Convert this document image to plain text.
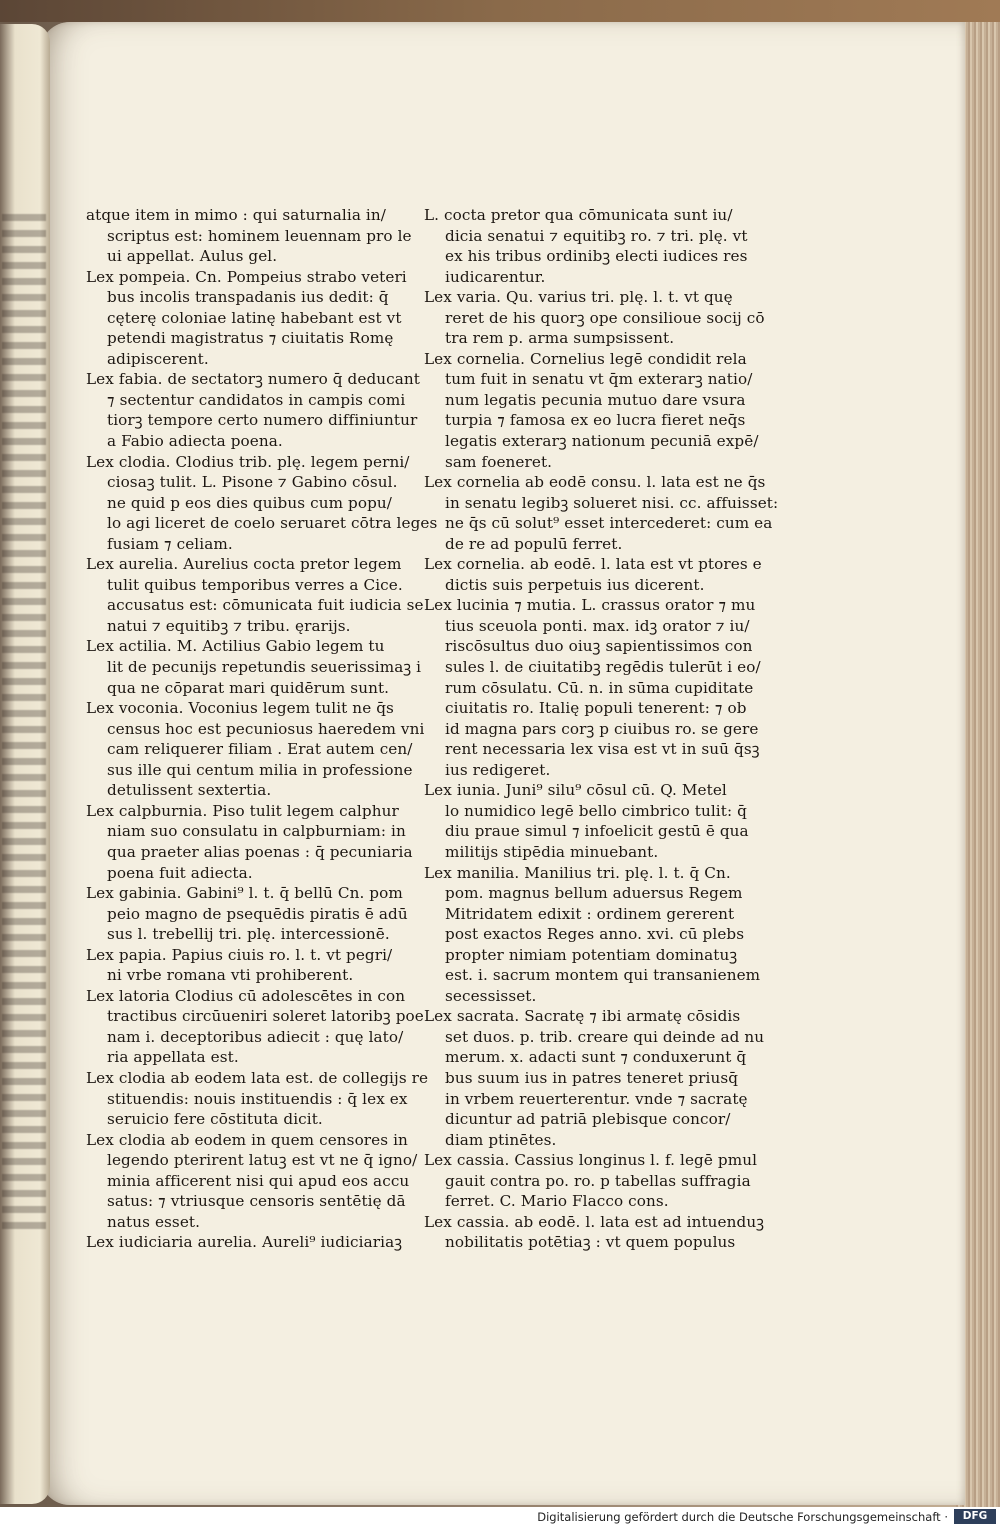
atque item in mimo : qui saturnalia in/
scriptus est: hominem leuennam pro le
ui appellat. Aulus gel.
Lex pompeia. Cn. Pompeius strabo veteri
bus incolis transpadanis ius dedit: q̄
cęterę coloniae latinę habebant est vt
petendi magistratus ⁊ ciuitatis Romę
adipiscerent.
Lex fabia. de sectatorꝫ numero q̄ deducant
⁊ sectentur candidatos in campis comi
tiorꝫ tempore certo numero diffiniuntur
a Fabio adiecta poena.
Lex clodia. Clodius trib. plę. legem perni/
ciosaꝫ tulit. L. Pisone ⁊ Gabino cōsul.
ne quid p eos dies quibus cum popu/
lo agi liceret de coelo seruaret cōtra leges
fusiam ⁊ celiam.
Lex aurelia. Aurelius cocta pretor legem
tulit quibus temporibus verres a Cice.
accusatus est: cōmunicata fuit iudicia se
natui ⁊ equitibꝫ ⁊ tribu. ęrarijs.
Lex actilia. M. Actilius Gabio legem tu
lit de pecunijs repetundis seuerissimaꝫ i
qua ne cōparat mari quidērum sunt.
Lex voconia. Voconius legem tulit ne q̄s
census hoc est pecuniosus haeredem vni
cam reliquerer filiam . Erat autem cen/
sus ille qui centum milia in professione
detulissent sextertia.
Lex calpburnia. Piso tulit legem calphur
niam suo consulatu in calpburniam: in
qua praeter alias poenas : q̄ pecuniaria
poena fuit adiecta.
Lex gabinia. Gabini⁹ l. t. q̄ bellū Cn. pom
peio magno de psequēdis piratis ē adū
sus l. trebellij tri. plę. intercessionē.
Lex papia. Papius ciuis ro. l. t. vt pegri/
ni vrbe romana vti prohiberent.
Lex latoria Clodius cū adolescētes in con
tractibus circūueniri soleret latoribꝫ poe
nam i. deceptoribus adiecit : quę lato/
ria appellata est.
Lex clodia ab eodem lata est. de collegijs re
stituendis: nouis instituendis : q̄ lex ex
seruicio fere cōstituta dicit.
Lex clodia ab eodem in quem censores in
legendo pterirent latuꝫ est vt ne q̄ igno/
minia afficerent nisi qui apud eos accu
satus: ⁊ vtriusque censoris sentētię dā
natus esset.
Lex iudiciaria aurelia. Aureli⁹ iudiciariaꝫ
L. cocta pretor qua cōmunicata sunt iu/
dicia senatui ⁊ equitibꝫ ro. ⁊ tri. plę. vt
ex his tribus ordinibꝫ electi iudices res
iudicarentur.
Lex varia. Qu. varius tri. plę. l. t. vt quę
reret de his quorꝫ ope consilioue socij cō
tra rem p. arma sumpsissent.
Lex cornelia. Cornelius legē condidit rela
tum fuit in senatu vt q̄m exterarꝫ natio/
num legatis pecunia mutuo dare vsura
turpia ⁊ famosa ex eo lucra fieret neq̄s
legatis exterarꝫ nationum pecuniā expē/
sam foeneret.
Lex cornelia ab eodē consu. l. lata est ne q̄s
in senatu legibꝫ solueret nisi. cc. affuisset:
ne q̄s cū solut⁹ esset intercederet: cum ea
de re ad populū ferret.
Lex cornelia. ab eodē. l. lata est vt ptores e
dictis suis perpetuis ius dicerent.
Lex lucinia ⁊ mutia. L. crassus orator ⁊ mu
tius sceuola ponti. max. idꝫ orator ⁊ iu/
riscōsultus duo oiuꝫ sapientissimos con
sules l. de ciuitatibꝫ regēdis tulerūt i eo/
rum cōsulatu. Cū. n. in sūma cupiditate
ciuitatis ro. Italię populi tenerent: ⁊ ob
id magna pars corꝫ p ciuibus ro. se gere
rent necessaria lex visa est vt in suū q̄sꝫ
ius redigeret.
Lex iunia. Juni⁹ silu⁹ cōsul cū. Q. Metel
lo numidico legē bello cimbrico tulit: q̄
diu praue simul ⁊ infoelicit gestū ē qua
militijs stipēdia minuebant.
Lex manilia. Manilius tri. plę. l. t. q̄ Cn.
pom. magnus bellum aduersus Regem
Mitridatem edixit : ordinem gererent
post exactos Reges anno. xvi. cū plebs
propter nimiam potentiam dominatuꝫ
est. i. sacrum montem qui transanienem
secessisset.
Lex sacrata. Sacratę ⁊ ibi armatę cōsidis
set duos. p. trib. creare qui deinde ad nu
merum. x. adacti sunt ⁊ conduxerunt q̄
bus suum ius in patres teneret priusq̄
in vrbem reuerterentur. vnde ⁊ sacratę
dicuntur ad patriā plebisque concor/
diam ptinētes.
Lex cassia. Cassius longinus l. f. legē pmul
gauit contra po. ro. p tabellas suffragia
ferret. C. Mario Flacco cons.
Lex cassia. ab eodē. l. lata est ad intuenduꝫ
nobilitatis potētiaꝫ : vt quem populus
Digitalisierung gefördert durch die Deutsche Forschungsgemeinschaft ·	DFG
